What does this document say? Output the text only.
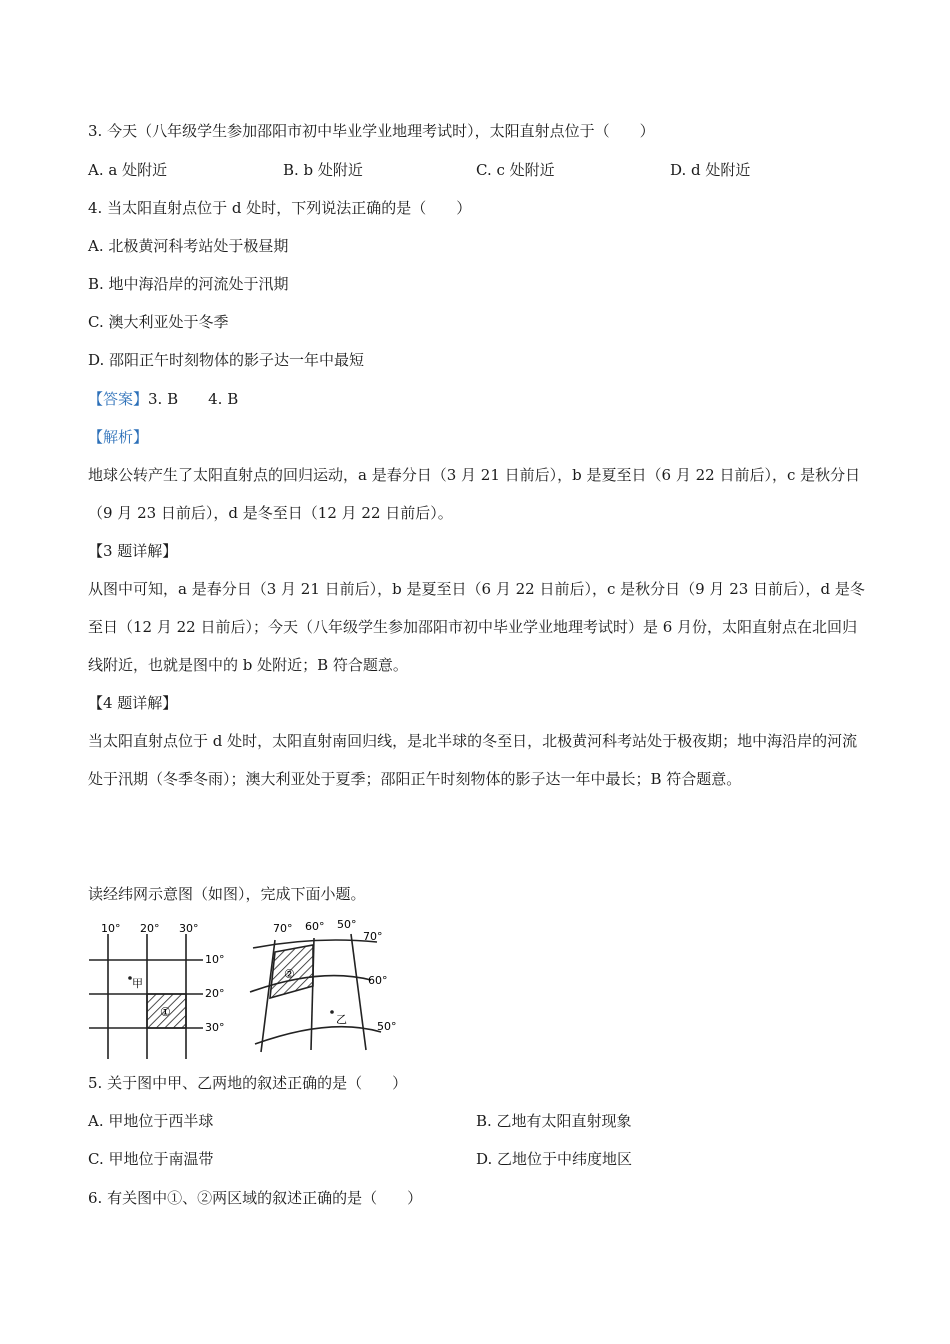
3. 今天（八年级学生参加邵阳市初中毕业学业地理考试时），太阳直射点位于（　　）
A. a 处附近	B. b 处附近	C. c 处附近	D. d 处附近
4. 当太阳直射点位于 d 处时，下列说法正确的是（　　）
A. 北极黄河科考站处于极昼期
B. 地中海沿岸的河流处于汛期
C. 澳大利亚处于冬季
D. 邵阳正午时刻物体的影子达一年中最短
【答案】3. B　　4. B
【解析】
地球公转产生了太阳直射点的回归运动，a 是春分日（3 月 21 日前后），b 是夏至日（6 月 22 日前后），c 是秋分日（9 月 23 日前后），d 是冬至日（12 月 22 日前后）。
【3 题详解】
从图中可知，a 是春分日（3 月 21 日前后），b 是夏至日（6 月 22 日前后），c 是秋分日（9 月 23 日前后），d 是冬至日（12 月 22 日前后）；今天（八年级学生参加邵阳市初中毕业学业地理考试时）是 6 月份，太阳直射点在北回归线附近，也就是图中的 b 处附近；B 符合题意。
【4 题详解】
当太阳直射点位于 d 处时，太阳直射南回归线，是北半球的冬至日，北极黄河科考站处于极夜期；地中海沿岸的河流处于汛期（冬季冬雨）；澳大利亚处于夏季；邵阳正午时刻物体的影子达一年中最长；B 符合题意。
读经纬网示意图（如图），完成下面小题。
10° 20° 30°
10°
20°
30°
甲
①
70° 60° 50°
70°
60°
50°
乙
②
5. 关于图中甲、乙两地的叙述正确的是（　　）
A. 甲地位于西半球	B. 乙地有太阳直射现象
C. 甲地位于南温带	D. 乙地位于中纬度地区
6. 有关图中①、②两区域的叙述正确的是（　　）
